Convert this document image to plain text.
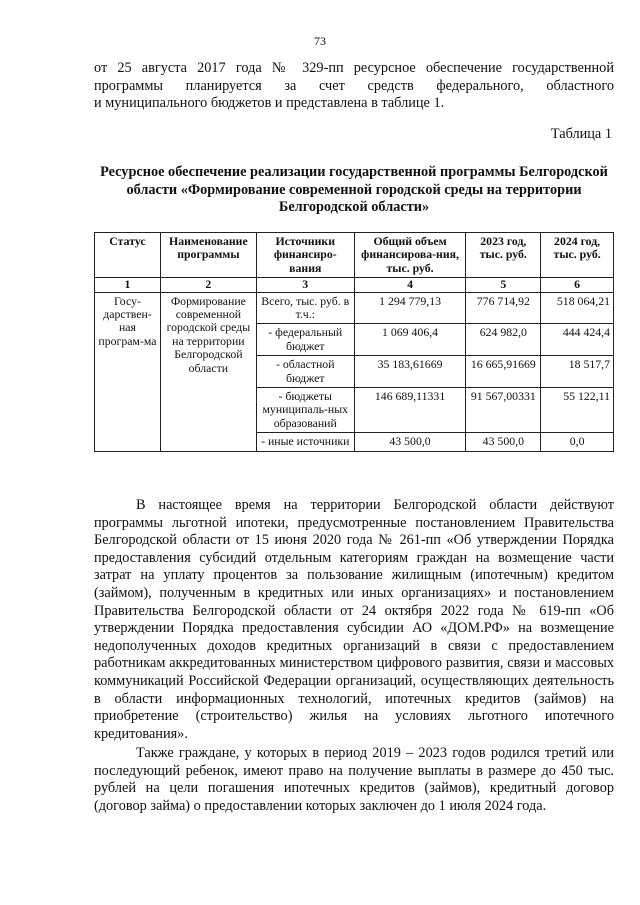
73
от 25 августа 2017 года № 329-пп ресурсное обеспечение государственной
программы планируется за счет средств федерального, областного
и муниципального бюджетов и представлена в таблице 1.
Таблица 1
Ресурсное обеспечение реализации государственной программы Белгородской области «Формирование современной городской среды на территории Белгородской области»
Статус	Наименование программы	Источники финансиро-вания	Общий объем финансирова-ния, тыс. руб.	2023 год, тыс. руб.	2024 год, тыс. руб.
1	2	3	4	5	6
Госу-дарствен-ная програм-ма	Формирование современной городской среды на территории Белгородской области	Всего, тыс. руб. в т.ч.:	1 294 779,13	776 714,92	518 064,21
		- федеральный бюджет	1 069 406,4	624 982,0	444 424,4
		- областной бюджет	35 183,61669	16 665,91669	18 517,7
		- бюджеты муниципаль-ных образований	146 689,11331	91 567,00331	55 122,11
		- иные источники	43 500,0	43 500,0	0,0
В настоящее время на территории Белгородской области действуют программы льготной ипотеки, предусмотренные постановлением Правительства Белгородской области от 15 июня 2020 года № 261-пп «Об утверждении Порядка предоставления субсидий отдельным категориям граждан на возмещение части затрат на уплату процентов за пользование жилищным (ипотечным) кредитом (займом), полученным в кредитных или иных организациях» и постановлением Правительства Белгородской области от 24 октября 2022 года № 619-пп «Об утверждении Порядка предоставления субсидии АО «ДОМ.РФ» на возмещение недополученных доходов кредитных организаций в связи с предоставлением работникам аккредитованных министерством цифрового развития, связи и массовых коммуникаций Российской Федерации организаций, осуществляющих деятельность в области информационных технологий, ипотечных кредитов (займов) на приобретение (строительство) жилья на условиях льготного ипотечного кредитования».
Также граждане, у которых в период 2019 – 2023 годов родился третий или последующий ребенок, имеют право на получение выплаты в размере до 450 тыс. рублей на цели погашения ипотечных кредитов (займов), кредитный договор (договор займа) о предоставлении которых заключен до 1 июля 2024 года.
